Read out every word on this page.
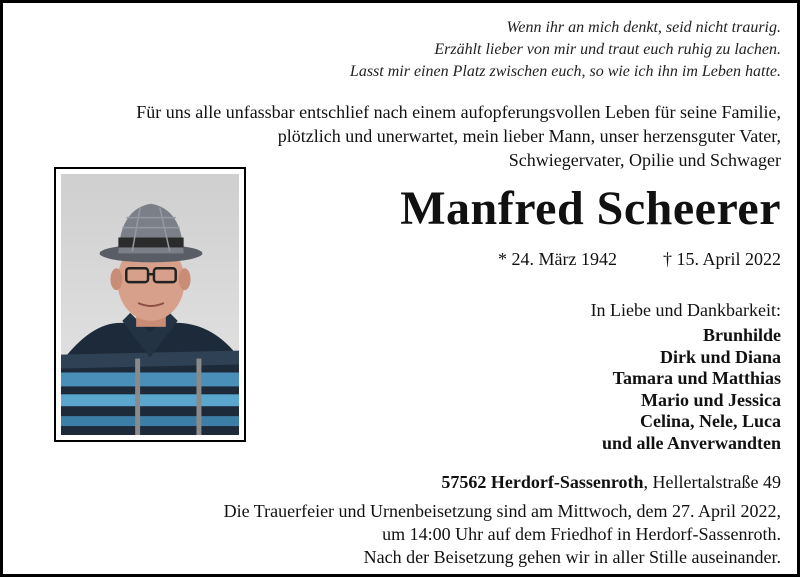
Wenn ihr an mich denkt, seid nicht traurig.
Erzählt lieber von mir und traut euch ruhig zu lachen.
Lasst mir einen Platz zwischen euch, so wie ich ihn im Leben hatte.
Für uns alle unfassbar entschlief nach einem aufopferungsvollen Leben für seine Familie,
plötzlich und unerwartet, mein lieber Mann, unser herzensguter Vater,
Schwiegervater, Opilie und Schwager
Manfred Scheerer
* 24. März 1942	† 15. April 2022
In Liebe und Dankbarkeit:
Brunhilde
Dirk und Diana
Tamara und Matthias
Mario und Jessica
Celina, Nele, Luca
und alle Anverwandten
57562 Herdorf-Sassenroth, Hellertalstraße 49
Die Trauerfeier und Urnenbeisetzung sind am Mittwoch, dem 27. April 2022,
um 14:00 Uhr auf dem Friedhof in Herdorf-Sassenroth.
Nach der Beisetzung gehen wir in aller Stille auseinander.
